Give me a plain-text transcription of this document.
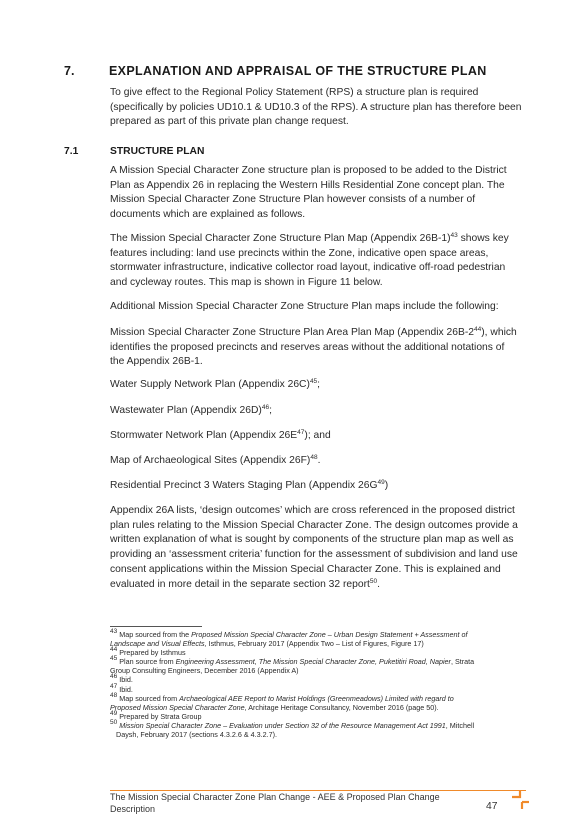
7.	EXPLANATION AND APPRAISAL OF THE STRUCTURE PLAN

To give effect to the Regional Policy Statement (RPS) a structure plan is required

(specifically by policies UD10.1 & UD10.3 of the RPS). A structure plan has therefore been

prepared as part of this private plan change request.

7.1	STRUCTURE PLAN

A Mission Special Character Zone structure plan is proposed to be added to the District

Plan as Appendix 26 in replacing the Western Hills Residential Zone concept plan. The

Mission Special Character Zone Structure Plan however consists of a number of

documents which are explained as follows.

The Mission Special Character Zone Structure Plan Map (Appendix 26B-1)$^{43}$ shows key

features including: land use precincts within the Zone, indicative open space areas,

stormwater infrastructure, indicative collector road layout, indicative off-road pedestrian

and cycleway routes. This map is shown in Figure 11 below.

Additional Mission Special Character Zone Structure Plan maps include the following:

Mission Special Character Zone Structure Plan Area Plan Map (Appendix $26B-2^{44}$), which

identifies the proposed precincts and reserves areas without the additional notations of

the Appendix 26B-1.

Water Supply Network Plan (Appendix 26C)$^{45}$;

Wastewater Plan (Appendix 26D)$^{46}$;

Stormwater Network Plan (Appendix $26E^{47}$); and

Map of Archaeological Sites (Appendix 26F)$^{48}$.

Residential Precinct 3 Waters Staging Plan (Appendix $26G^{49}$)

Appendix 26A lists, ‘design outcomes’ which are cross referenced in the proposed district

plan rules relating to the Mission Special Character Zone. The design outcomes provide a

written explanation of what is sought by components of the structure plan map as well as

providing an ‘assessment criteria’ function for the assessment of subdivision and land use

consent applications within the Mission Special Character Zone. This is explained and

evaluated in more detail in the separate section 32 report$^{50}$.

$^{43}$ Map sourced from the Proposed Mission Special Character Zone – Urban Design Statement + Assessment of

Landscape and Visual Effects, Isthmus, February 2017 (Appendix Two – List of Figures, Figure 17)

$^{44}$ Prepared by Isthmus

$^{45}$ Plan source from Engineering Assessment, The Mission Special Character Zone, Puketitiri Road, Napier, Strata

Group Consulting Engineers, December 2016 (Appendix A)

$^{46}$ Ibid.

$^{47}$ Ibid.

$^{48}$ Map sourced from Archaeological AEE Report to Marist Holdings (Greenmeadows) Limited with regard to

Proposed Mission Special Character Zone, Architage Heritage Consultancy, November 2016 (page 50).

$^{49}$ Prepared by Strata Group

$^{50}$ Mission Special Character Zone – Evaluation under Section 32 of the Resource Management Act 1991, Mitchell

Daysh, February 2017 (sections 4.3.2.6 & 4.3.2.7).

The Mission Special Character Zone Plan Change - AEE & Proposed Plan Change
Description	47
